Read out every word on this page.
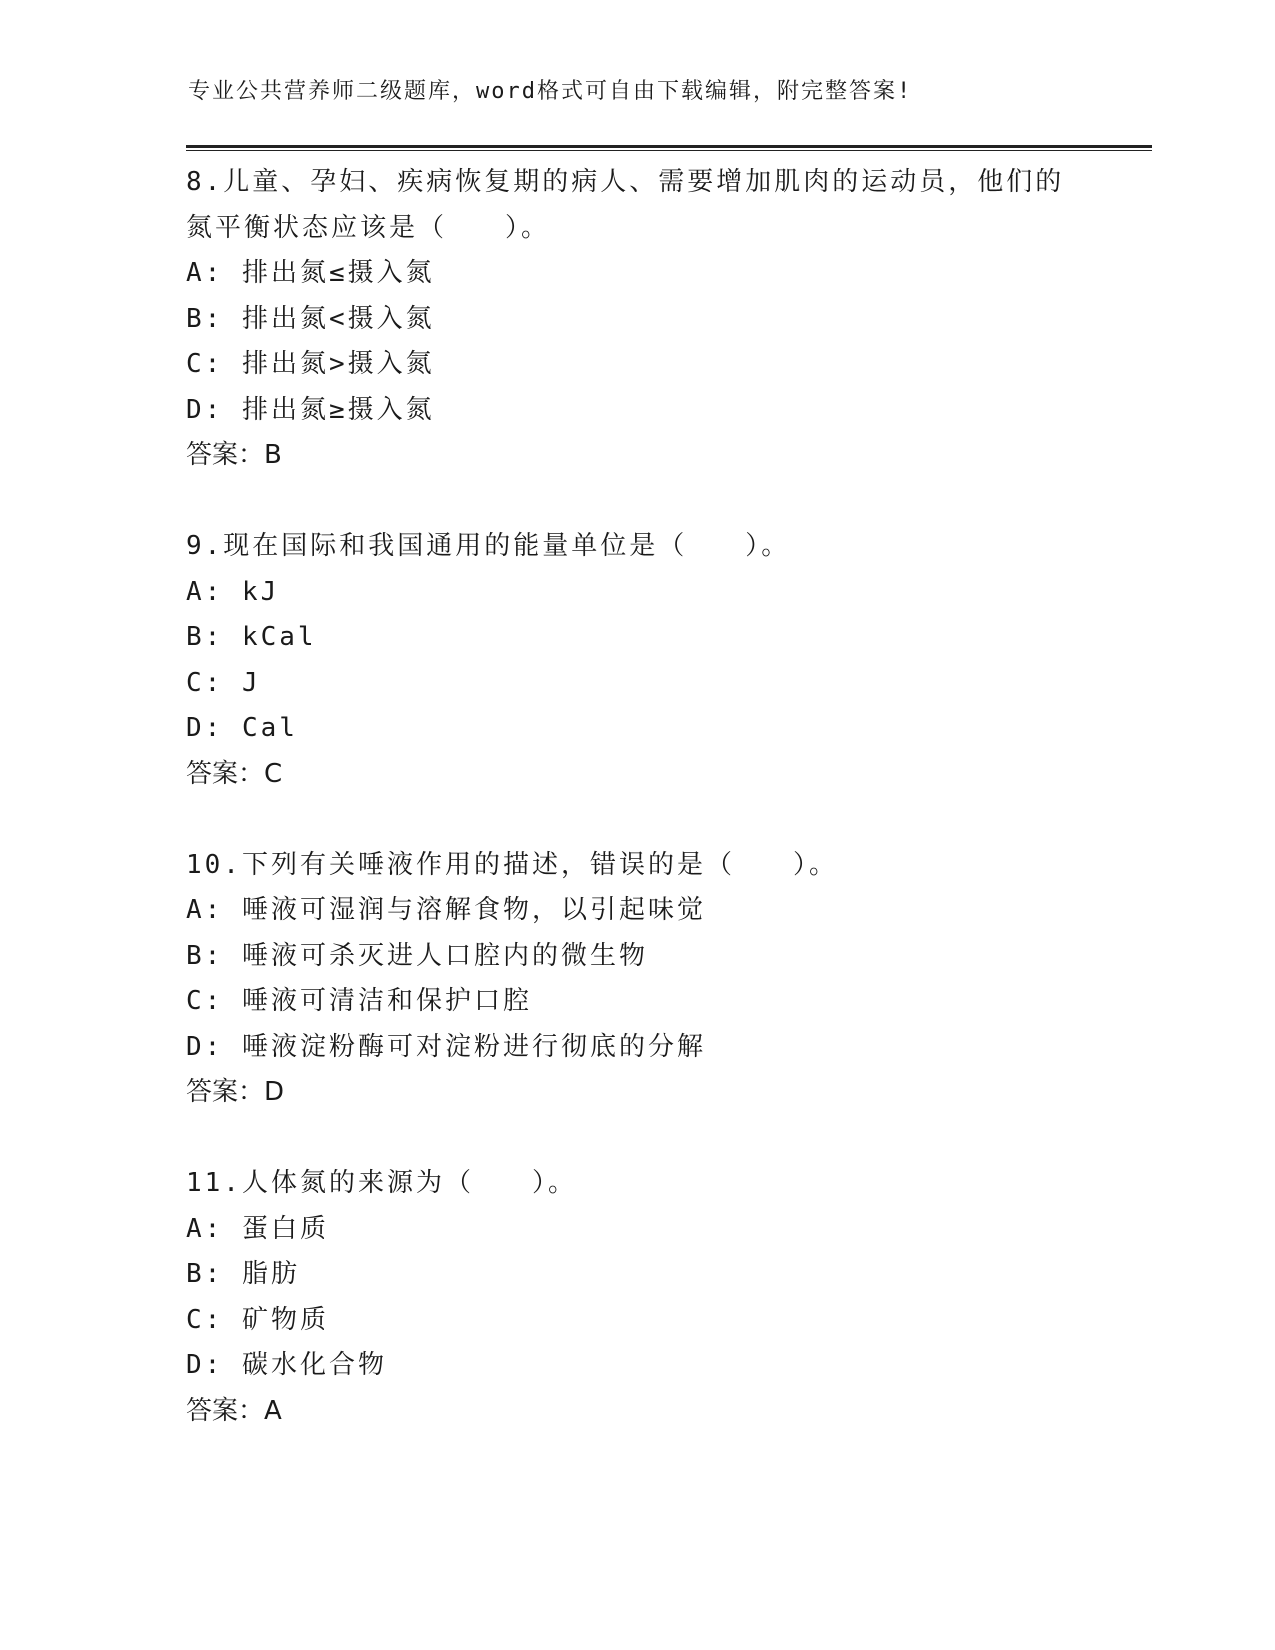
专业公共营养师二级题库，word格式可自由下载编辑，附完整答案!
8.儿童、孕妇、疾病恢复期的病人、需要增加肌肉的运动员，他们的
氮平衡状态应该是（　　）。
A: 排出氮≤摄入氮
B: 排出氮<摄入氮
C: 排出氮>摄入氮
D: 排出氮≥摄入氮
答案：B
9.现在国际和我国通用的能量单位是（　　）。
A: kJ
B: kCal
C: J
D: Cal
答案：C
10.下列有关唾液作用的描述，错误的是（　　）。
A: 唾液可湿润与溶解食物，以引起味觉
B: 唾液可杀灭进人口腔内的微生物
C: 唾液可清洁和保护口腔
D: 唾液淀粉酶可对淀粉进行彻底的分解
答案：D
11.人体氮的来源为（　　）。
A: 蛋白质
B: 脂肪
C: 矿物质
D: 碳水化合物
答案：A
